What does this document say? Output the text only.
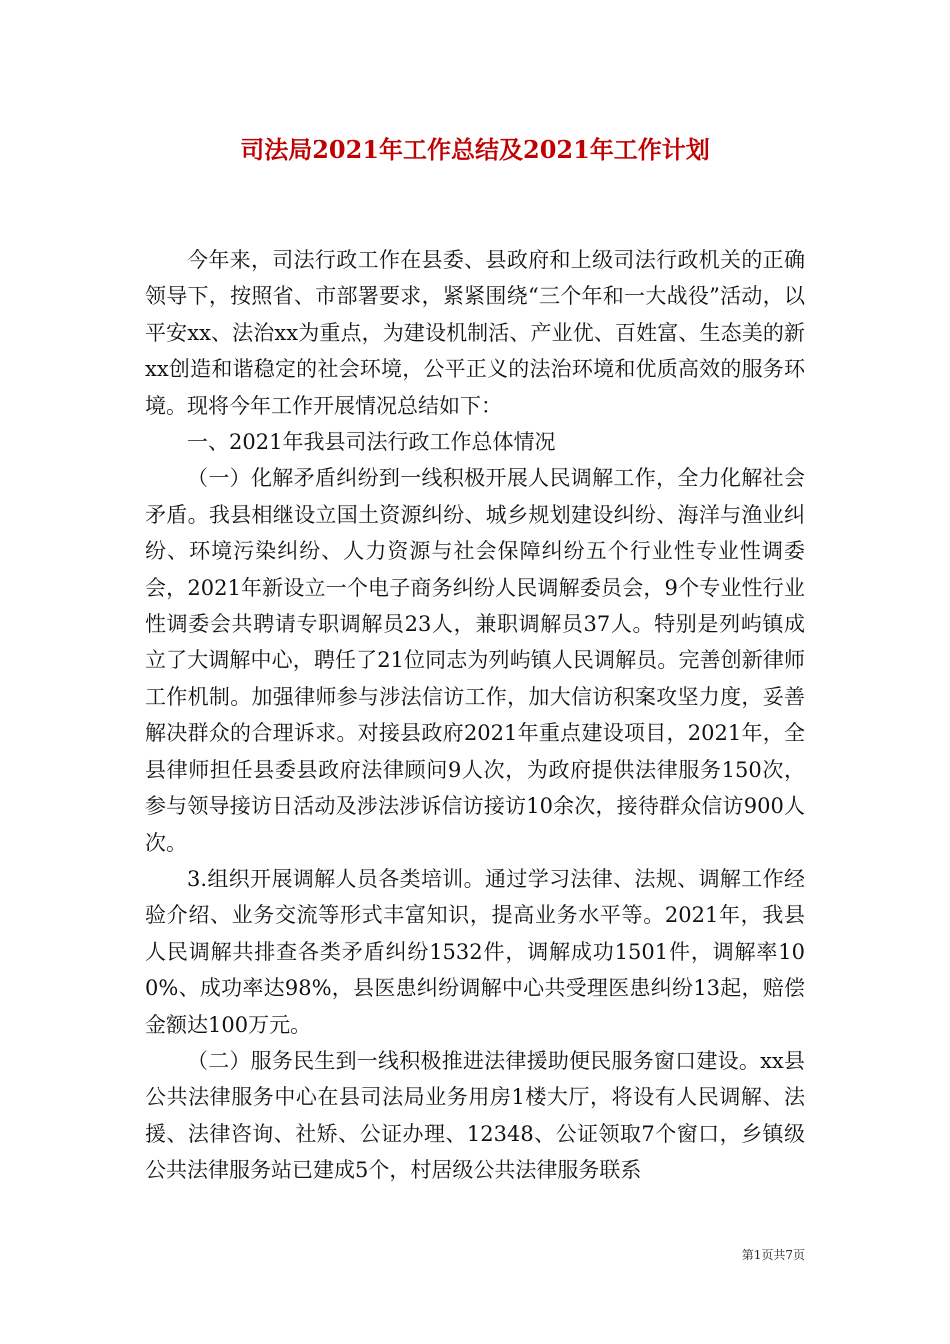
司法局2021年工作总结及2021年工作计划

今年来，司法行政工作在县委、县政府和上级司法行政机关的正确领导下，按照省、市部署要求，紧紧围绕“三个年和一大战役”活动，以平安xx、法治xx为重点，为建设机制活、产业优、百姓富、生态美的新xx创造和谐稳定的社会环境，公平正义的法治环境和优质高效的服务环境。现将今年工作开展情况总结如下：

一、2021年我县司法行政工作总体情况

（一）化解矛盾纠纷到一线积极开展人民调解工作，全力化解社会矛盾。我县相继设立国土资源纠纷、城乡规划建设纠纷、海洋与渔业纠纷、环境污染纠纷、人力资源与社会保障纠纷五个行业性专业性调委会，2021年新设立一个电子商务纠纷人民调解委员会，9个专业性行业性调委会共聘请专职调解员23人，兼职调解员37人。特别是列屿镇成立了大调解中心，聘任了21位同志为列屿镇人民调解员。完善创新律师工作机制。加强律师参与涉法信访工作，加大信访积案攻坚力度，妥善解决群众的合理诉求。对接县政府2021年重点建设项目，2021年，全县律师担任县委县政府法律顾问9人次，为政府提供法律服务150次，参与领导接访日活动及涉法涉诉信访接访10余次，接待群众信访900人次。

3.组织开展调解人员各类培训。通过学习法律、法规、调解工作经验介绍、业务交流等形式丰富知识，提高业务水平等。2021年，我县人民调解共排查各类矛盾纠纷1532件，调解成功1501件，调解率100%、成功率达98%，县医患纠纷调解中心共受理医患纠纷13起，赔偿金额达100万元。

（二）服务民生到一线积极推进法律援助便民服务窗口建设。xx县公共法律服务中心在县司法局业务用房1楼大厅，将设有人民调解、法援、法律咨询、社矫、公证办理、12348、公证领取7个窗口，乡镇级公共法律服务站已建成5个，村居级公共法律服务联系

第1页共7页
